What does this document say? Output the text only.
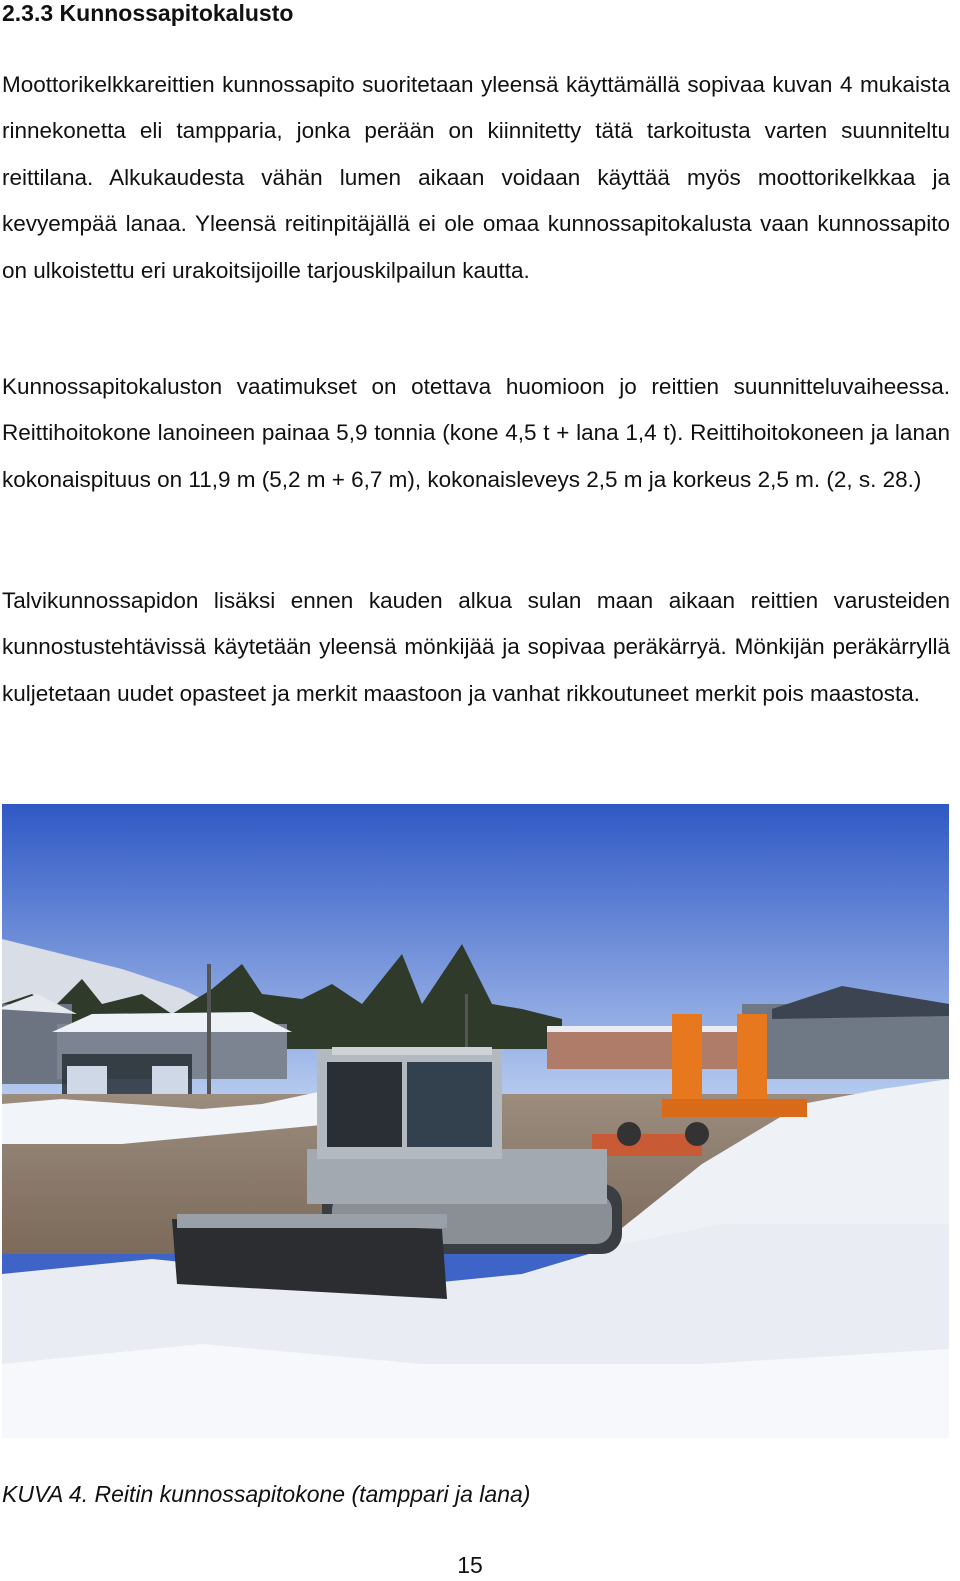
2.3.3 Kunnossapitokalusto

Moottorikelkkareittien kunnossapito suoritetaan yleensä käyttämällä sopivaa kuvan 4 mukaista rinnekonetta eli tampparia, jonka perään on kiinnitetty tätä tarkoitusta varten suunniteltu reittilana. Alkukaudesta vähän lumen aikaan voidaan käyttää myös moottorikelkkaa ja kevyempää lanaa. Yleensä reitinpitäjällä ei ole omaa kunnossapitokalusta vaan kunnossapito on ulkoistettu eri urakoitsijoille tarjouskilpailun kautta.

Kunnossapitokaluston vaatimukset on otettava huomioon jo reittien suunnitteluvaiheessa. Reittihoitokone lanoineen painaa 5,9 tonnia (kone 4,5 t + lana 1,4 t). Reittihoitokoneen ja lanan kokonaispituus on 11,9 m (5,2 m + 6,7 m), kokonaisleveys 2,5 m ja korkeus 2,5 m. (2, s. 28.)

Talvikunnossapidon lisäksi ennen kauden alkua sulan maan aikaan reittien varusteiden kunnostustehtävissä käytetään yleensä mönkijää ja sopivaa peräkärryä. Mönkijän peräkärryllä kuljetetaan uudet opasteet ja merkit maastoon ja vanhat rikkoutuneet merkit pois maastosta.

KUVA 4. Reitin kunnossapitokone (tamppari ja lana)

15
